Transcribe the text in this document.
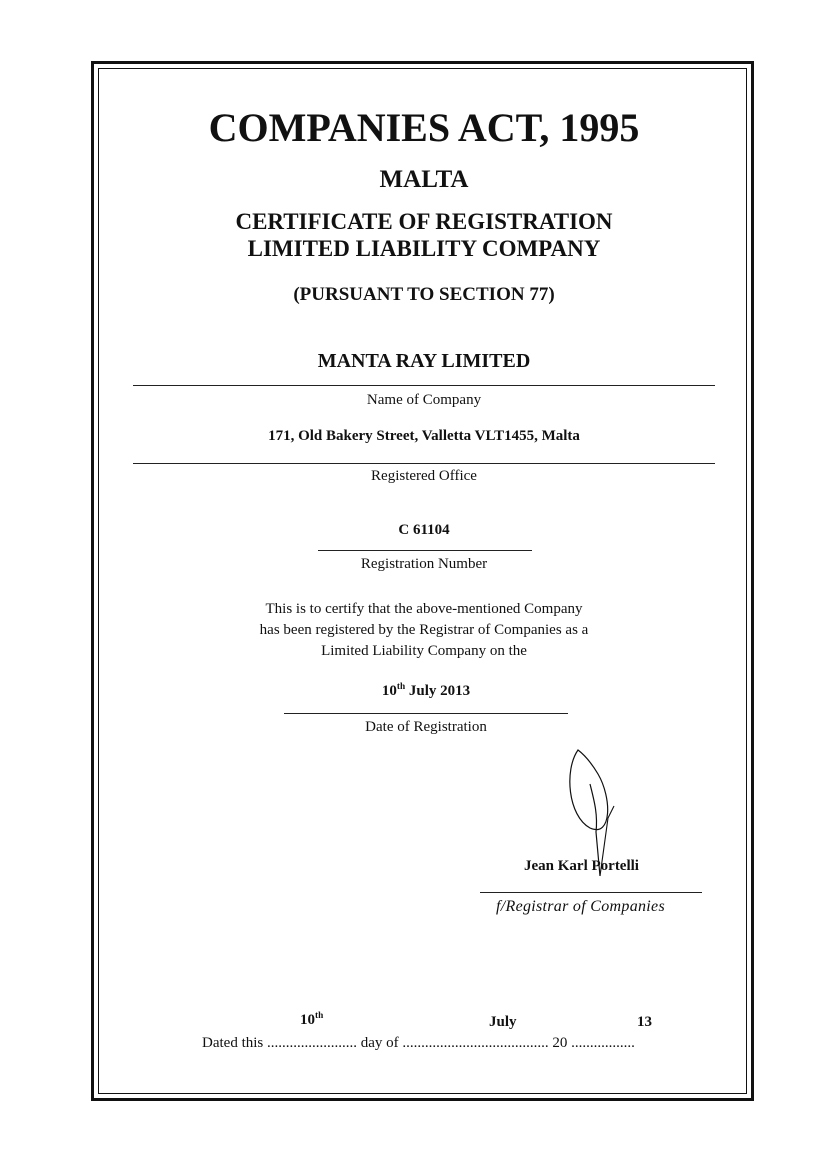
COMPANIES ACT, 1995
MALTA
CERTIFICATE OF REGISTRATION
LIMITED LIABILITY COMPANY
(PURSUANT TO SECTION 77)
MANTA RAY LIMITED
Name of Company
171, Old Bakery Street, Valletta VLT1455, Malta
Registered Office
C 61104
Registration Number
This is to certify that the above-mentioned Company
has been registered by the Registrar of Companies as a
Limited Liability Company on the
10th July 2013
Date of Registration
Jean Karl Portelli
f/Registrar of Companies
10th	July	13
Dated this ........................ day of ....................................... 20 .................
